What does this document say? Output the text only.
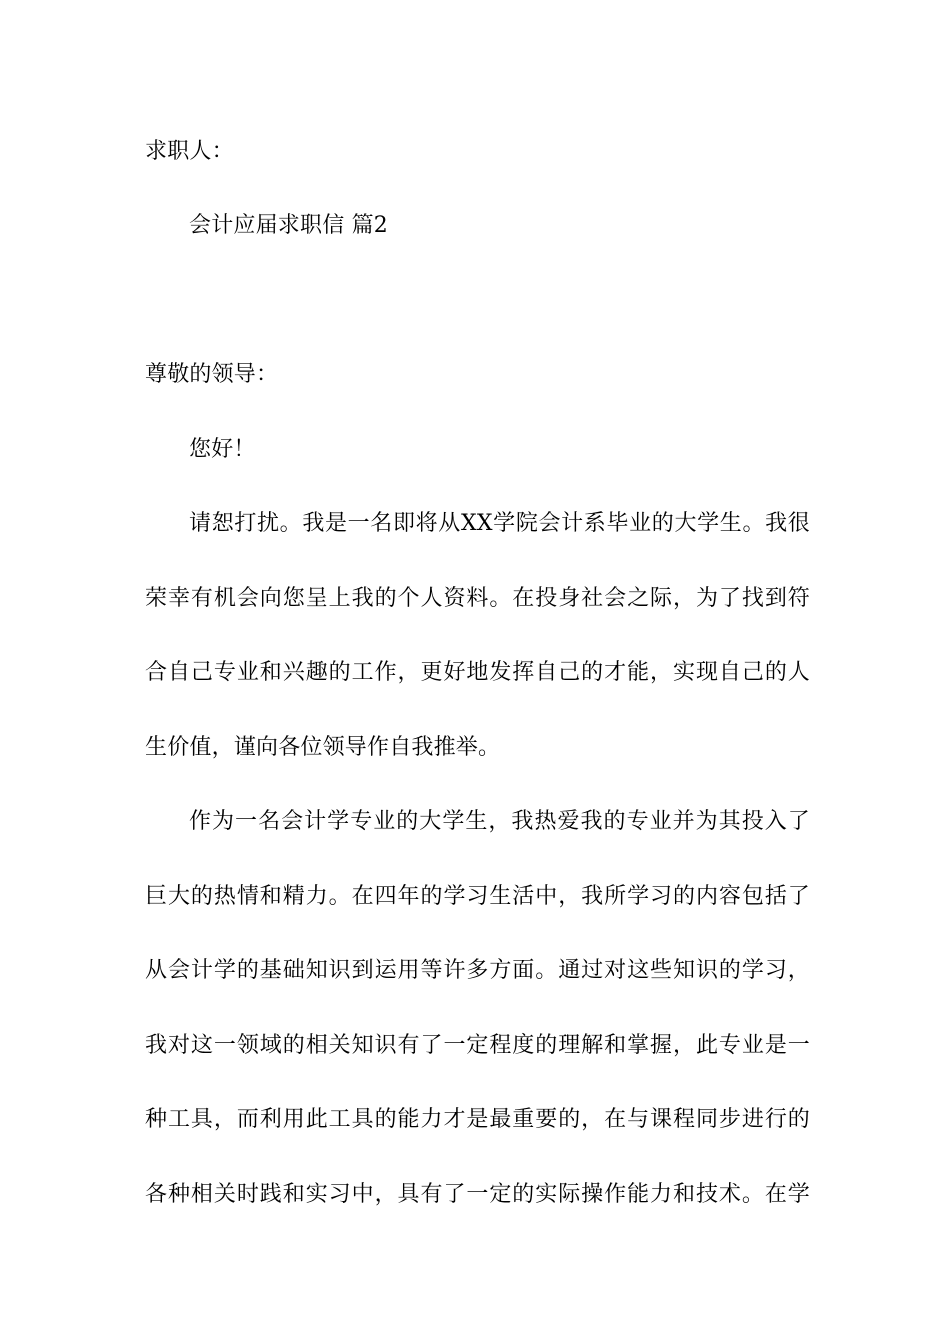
求职人：
会计应届求职信 篇2
尊敬的领导：
您好！
请恕打扰。我是一名即将从XX学院会计系毕业的大学生。我很
荣幸有机会向您呈上我的个人资料。在投身社会之际，为了找到符
合自己专业和兴趣的工作，更好地发挥自己的才能，实现自己的人
生价值，谨向各位领导作自我推举。
作为一名会计学专业的大学生，我热爱我的专业并为其投入了
巨大的热情和精力。在四年的学习生活中，我所学习的内容包括了
从会计学的基础知识到运用等许多方面。通过对这些知识的学习，
我对这一领域的相关知识有了一定程度的理解和掌握，此专业是一
种工具，而利用此工具的能力才是最重要的，在与课程同步进行的
各种相关时践和实习中，具有了一定的实际操作能力和技术。在学
